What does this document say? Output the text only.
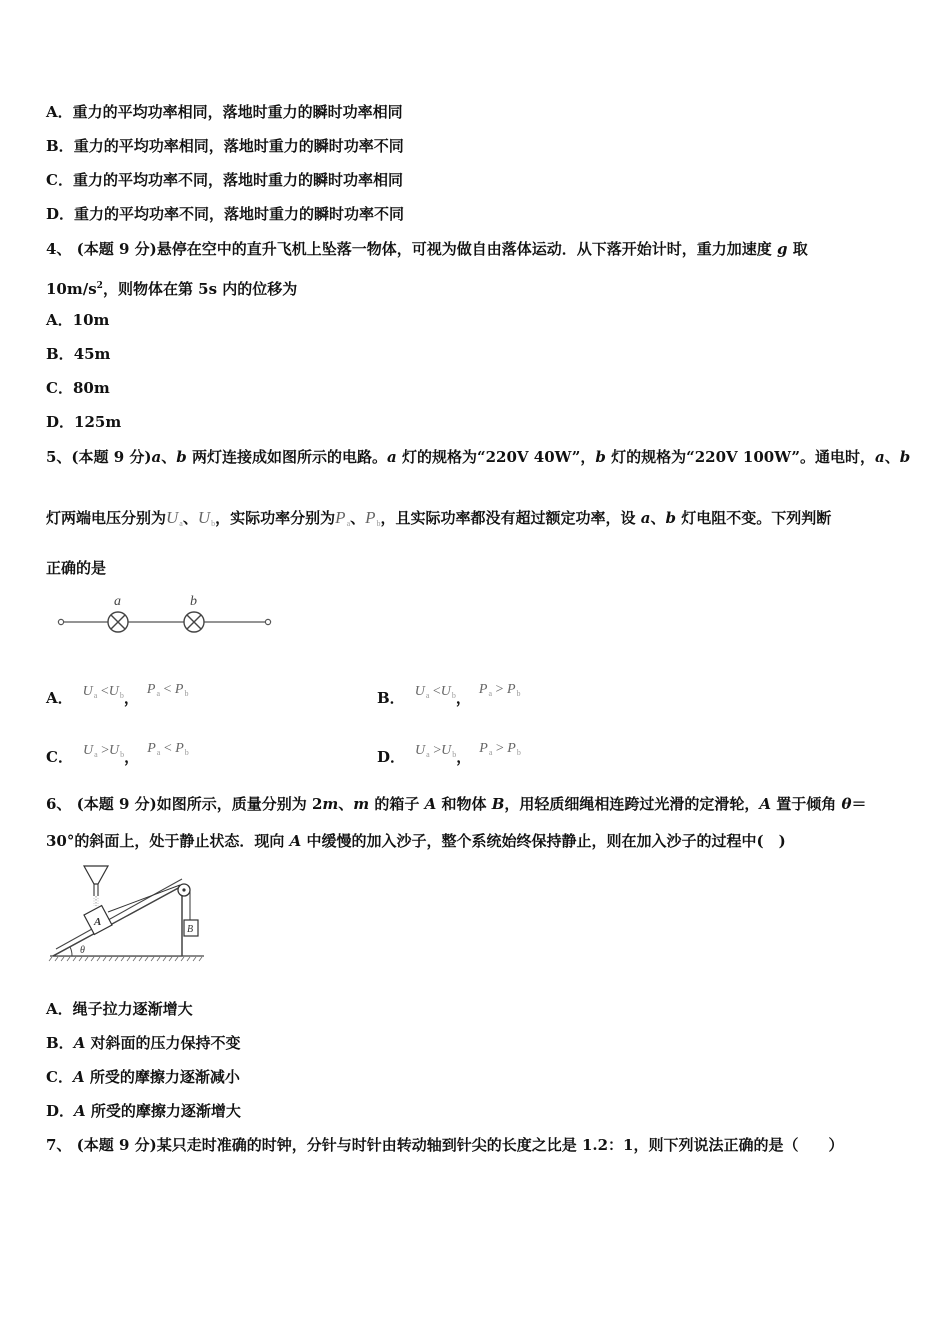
A．重力的平均功率相同，落地时重力的瞬时功率相同
B．重力的平均功率相同，落地时重力的瞬时功率不同
C．重力的平均功率不同，落地时重力的瞬时功率相同
D．重力的平均功率不同，落地时重力的瞬时功率不同
4、 (本题 9 分)悬停在空中的直升飞机上坠落一物体，可视为做自由落体运动．从下落开始计时，重力加速度 g 取
$10m/s^2$，则物体在第 5s 内的位移为
A．10m
B．45m
C．80m
D．125m
5、(本题 9 分)a、b 两灯连接成如图所示的电路。a 灯的规格为“220V 40W”，b 灯的规格为“220V 100W”。通电时，a、b
灯两端电压分别为Ua、Ub，实际功率分别为Pa、Pb，且实际功率都没有超过额定功率，设 a、b 灯电阻不变。下列判断
正确的是
a	b
A． $U_a <U_b$， $P_a < P_b$	B． $U_a <U_b$， $P_a > P_b$
C． $U_a >U_b$， $P_a < P_b$	D． $U_a >U_b$， $P_a > P_b$
6、 (本题 9 分)如图所示，质量分别为 2m、m 的箱子 A 和物体 B，用轻质细绳相连跨过光滑的定滑轮，A 置于倾角 θ＝
30°的斜面上，处于静止状态．现向 A 中缓慢的加入沙子，整个系统始终保持静止，则在加入沙子的过程中(　)
A
B
θ
A．绳子拉力逐渐增大
B．A 对斜面的压力保持不变
C．A 所受的摩擦力逐渐减小
D．A 所受的摩擦力逐渐增大
7、 (本题 9 分)某只走时准确的时钟，分针与时针由转动轴到针尖的长度之比是 1.2：1，则下列说法正确的是（　　）
